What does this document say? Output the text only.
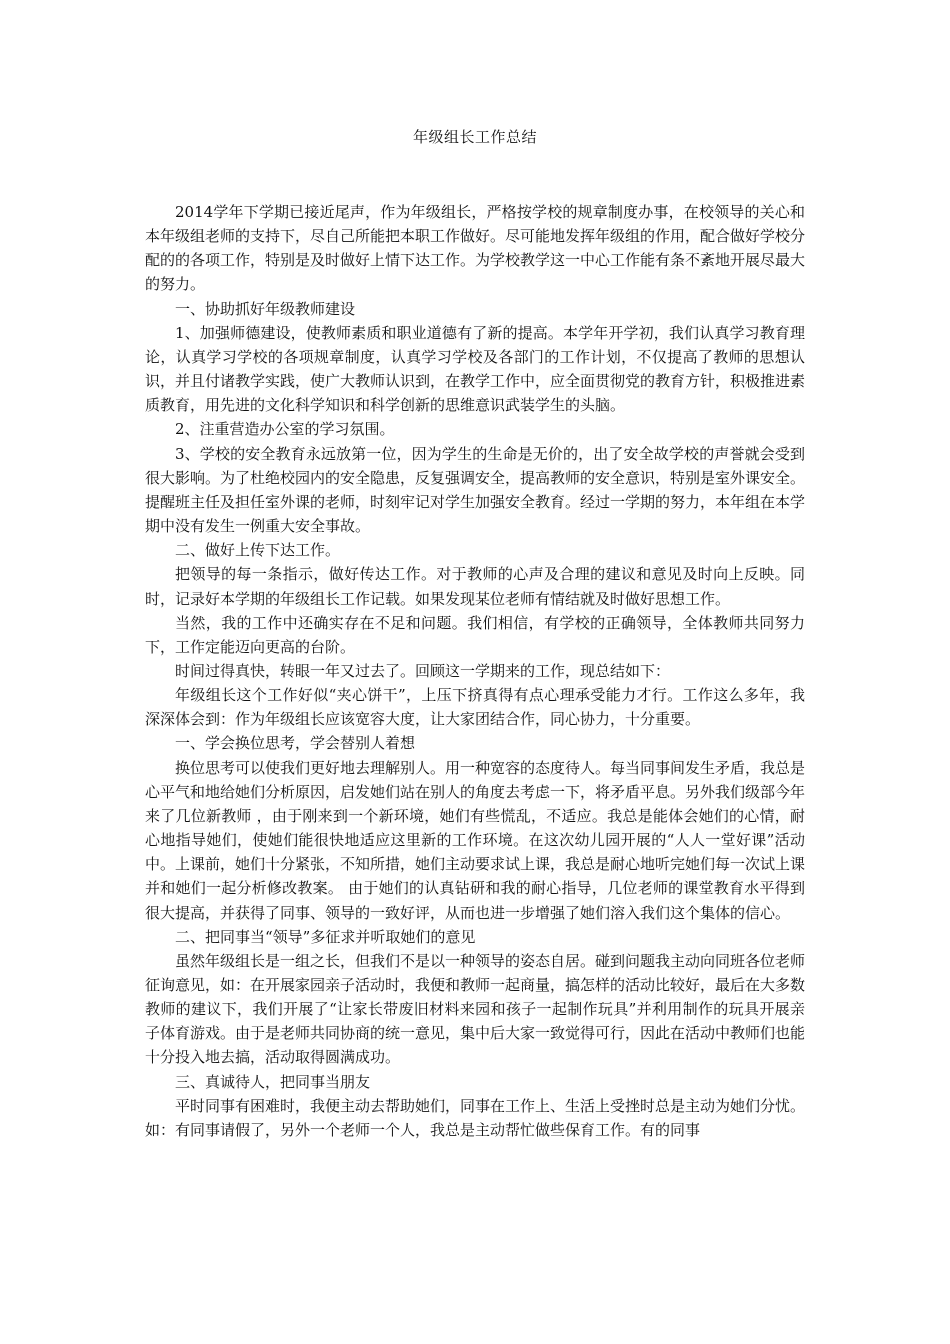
年级组长工作总结

2014学年下学期已接近尾声，作为年级组长，严格按学校的规章制度办事，在校领导的关心和本年级组老师的支持下，尽自己所能把本职工作做好。尽可能地发挥年级组的作用，配合做好学校分配的的各项工作，特别是及时做好上情下达工作。为学校教学这一中心工作能有条不紊地开展尽最大的努力。

一、协助抓好年级教师建设

1、加强师德建设，使教师素质和职业道德有了新的提高。本学年开学初，我们认真学习教育理论，认真学习学校的各项规章制度，认真学习学校及各部门的工作计划，不仅提高了教师的思想认识，并且付诸教学实践，使广大教师认识到，在教学工作中，应全面贯彻党的教育方针，积极推进素质教育，用先进的文化科学知识和科学创新的思维意识武装学生的头脑。

2、注重营造办公室的学习氛围。

3、学校的安全教育永远放第一位，因为学生的生命是无价的，出了安全故学校的声誉就会受到很大影响。为了杜绝校园内的安全隐患，反复强调安全，提高教师的安全意识，特别是室外课安全。提醒班主任及担任室外课的老师，时刻牢记对学生加强安全教育。经过一学期的努力，本年组在本学期中没有发生一例重大安全事故。

二、做好上传下达工作。

把领导的每一条指示，做好传达工作。对于教师的心声及合理的建议和意见及时向上反映。同时，记录好本学期的年级组长工作记载。如果发现某位老师有情结就及时做好思想工作。

当然，我的工作中还确实存在不足和问题。我们相信，有学校的正确领导，全体教师共同努力下，工作定能迈向更高的台阶。

时间过得真快，转眼一年又过去了。回顾这一学期来的工作，现总结如下：

年级组长这个工作好似“夹心饼干”，上压下挤真得有点心理承受能力才行。工作这么多年，我深深体会到：作为年级组长应该宽容大度，让大家团结合作，同心协力，十分重要。

一、学会换位思考，学会替别人着想

换位思考可以使我们更好地去理解别人。用一种宽容的态度待人。每当同事间发生矛盾，我总是心平气和地给她们分析原因，启发她们站在别人的角度去考虑一下，将矛盾平息。另外我们级部今年来了几位新教师 ，由于刚来到一个新环境，她们有些慌乱，不适应。我总是能体会她们的心情，耐心地指导她们，使她们能很快地适应这里新的工作环境。在这次幼儿园开展的“人人一堂好课”活动中。上课前，她们十分紧张，不知所措，她们主动要求试上课，我总是耐心地听完她们每一次试上课并和她们一起分析修改教案。 由于她们的认真钻研和我的耐心指导，几位老师的课堂教育水平得到很大提高，并获得了同事、领导的一致好评，从而也进一步增强了她们溶入我们这个集体的信心。

二、把同事当“领导”多征求并听取她们的意见

虽然年级组长是一组之长，但我们不是以一种领导的姿态自居。碰到问题我主动向同班各位老师征询意见，如：在开展家园亲子活动时，我便和教师一起商量，搞怎样的活动比较好，最后在大多数教师的建议下，我们开展了“让家长带废旧材料来园和孩子一起制作玩具”并利用制作的玩具开展亲子体育游戏。由于是老师共同协商的统一意见，集中后大家一致觉得可行，因此在活动中教师们也能十分投入地去搞，活动取得圆满成功。

三、真诚待人，把同事当朋友

平时同事有困难时，我便主动去帮助她们，同事在工作上、生活上受挫时总是主动为她们分忧。如：有同事请假了，另外一个老师一个人，我总是主动帮忙做些保育工作。有的同事
